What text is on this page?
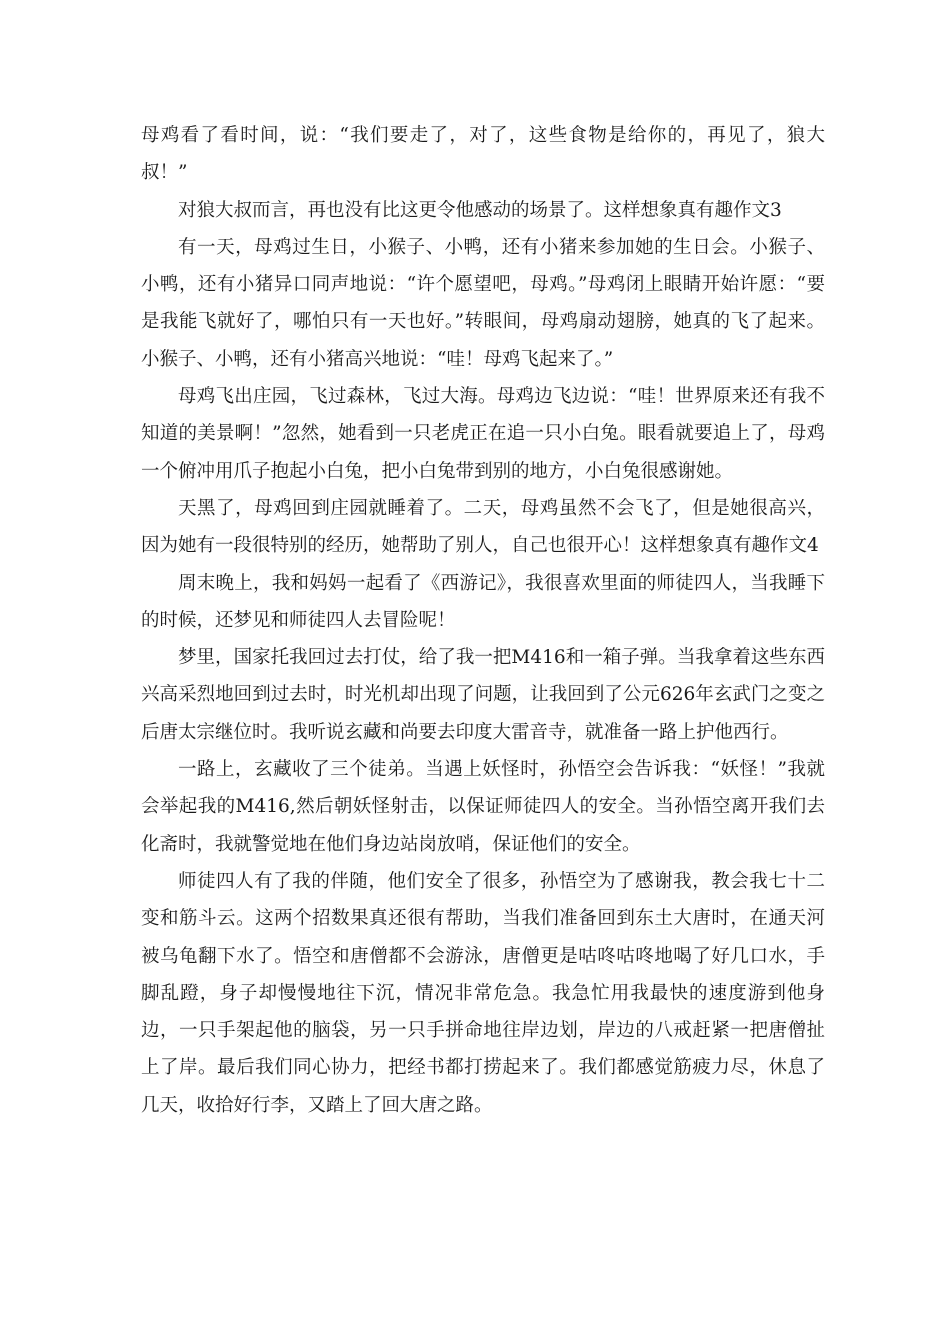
母鸡看了看时间，说：“我们要走了，对了，这些食物是给你的，再见了，狼大叔！”

对狼大叔而言，再也没有比这更令他感动的场景了。这样想象真有趣作文3

有一天，母鸡过生日，小猴子、小鸭，还有小猪来参加她的生日会。小猴子、小鸭，还有小猪异口同声地说：“许个愿望吧，母鸡。”母鸡闭上眼睛开始许愿：“要是我能飞就好了，哪怕只有一天也好。”转眼间，母鸡扇动翅膀，她真的飞了起来。小猴子、小鸭，还有小猪高兴地说：“哇！母鸡飞起来了。”

母鸡飞出庄园，飞过森林，飞过大海。母鸡边飞边说：“哇！世界原来还有我不知道的美景啊！”忽然，她看到一只老虎正在追一只小白兔。眼看就要追上了，母鸡一个俯冲用爪子抱起小白兔，把小白兔带到别的地方，小白兔很感谢她。

天黑了，母鸡回到庄园就睡着了。二天，母鸡虽然不会飞了，但是她很高兴，因为她有一段很特别的经历，她帮助了别人，自己也很开心！这样想象真有趣作文4

周末晚上，我和妈妈一起看了《西游记》，我很喜欢里面的师徒四人，当我睡下的时候，还梦见和师徒四人去冒险呢！

梦里，国家托我回过去打仗，给了我一把M416和一箱子弹。当我拿着这些东西兴高采烈地回到过去时，时光机却出现了问题，让我回到了公元626年玄武门之变之后唐太宗继位时。我听说玄藏和尚要去印度大雷音寺，就准备一路上护他西行。

一路上，玄藏收了三个徒弟。当遇上妖怪时，孙悟空会告诉我：“妖怪！”我就会举起我的M416,然后朝妖怪射击，以保证师徒四人的安全。当孙悟空离开我们去化斋时，我就警觉地在他们身边站岗放哨，保证他们的安全。

师徒四人有了我的伴随，他们安全了很多，孙悟空为了感谢我，教会我七十二变和筋斗云。这两个招数果真还很有帮助，当我们准备回到东土大唐时，在通天河被乌龟翻下水了。悟空和唐僧都不会游泳，唐僧更是咕咚咕咚地喝了好几口水，手脚乱蹬，身子却慢慢地往下沉，情况非常危急。我急忙用我最快的速度游到他身边，一只手架起他的脑袋，另一只手拼命地往岸边划，岸边的八戒赶紧一把唐僧扯上了岸。最后我们同心协力，把经书都打捞起来了。我们都感觉筋疲力尽，休息了几天，收拾好行李，又踏上了回大唐之路。
